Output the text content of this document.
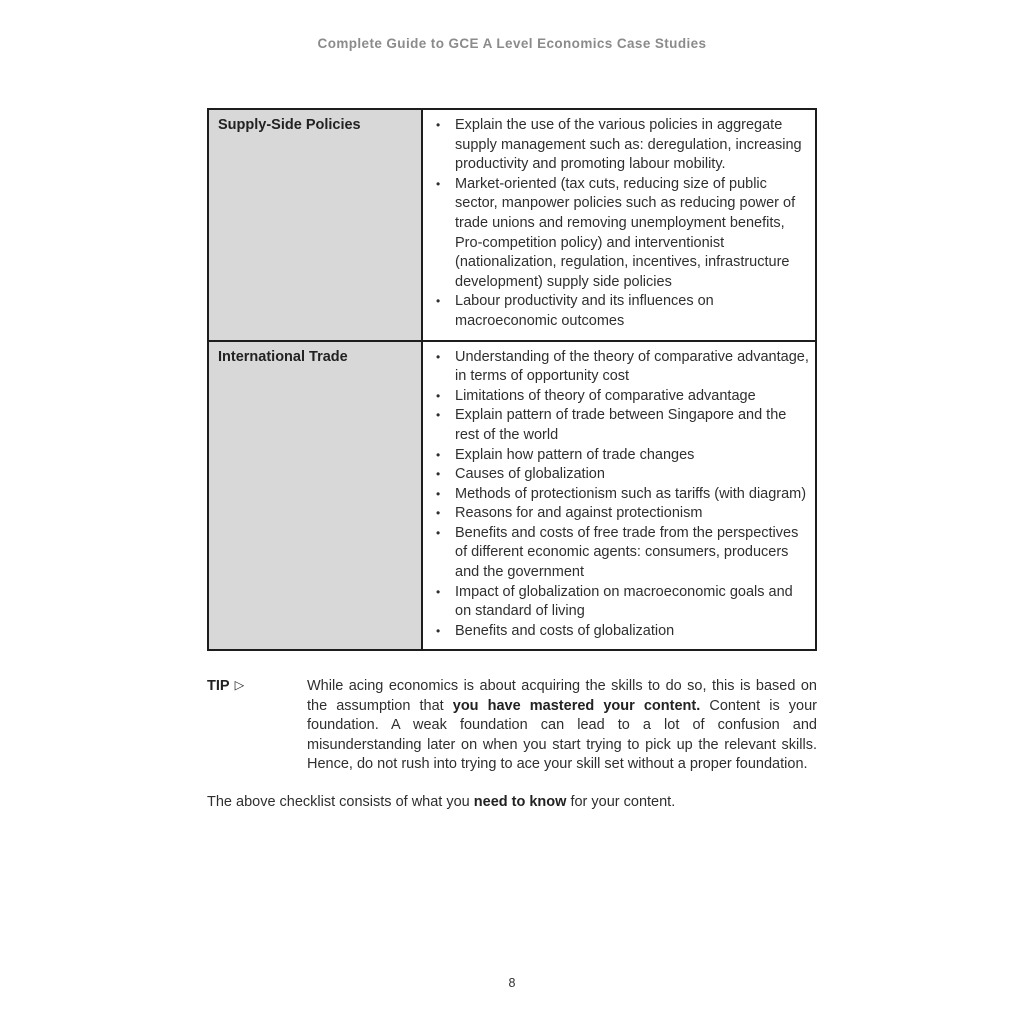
Complete Guide to GCE A Level Economics Case Studies
Supply-Side Policies	•	Explain the use of the various policies in aggregate supply management such as: deregulation, increasing productivity and promoting labour mobility.
•	Market-oriented (tax cuts, reducing size of public sector, manpower policies such as reducing power of trade unions and removing unemployment benefits, Pro-competition policy) and interventionist (nationalization, regulation, incentives, infrastructure development) supply side policies
•	Labour productivity and its influences on macroeconomic outcomes

International Trade	•	Understanding of the theory of comparative advantage, in terms of opportunity cost
•	Limitations of theory of comparative advantage
•	Explain pattern of trade between Singapore and the rest of the world
•	Explain how pattern of trade changes
•	Causes of globalization
•	Methods of protectionism such as tariffs (with diagram)
•	Reasons for and against protectionism
•	Benefits and costs of free trade from the perspectives of different economic agents: consumers, producers and the government
•	Impact of globalization on macroeconomic goals and on standard of living
•	Benefits and costs of globalization
TIP ▷	While acing economics is about acquiring the skills to do so, this is based on the assumption that you have mastered your content. Content is your foundation. A weak foundation can lead to a lot of confusion and misunderstanding later on when you start trying to pick up the relevant skills. Hence, do not rush into trying to ace your skill set without a proper foundation.
The above checklist consists of what you need to know for your content.
8
